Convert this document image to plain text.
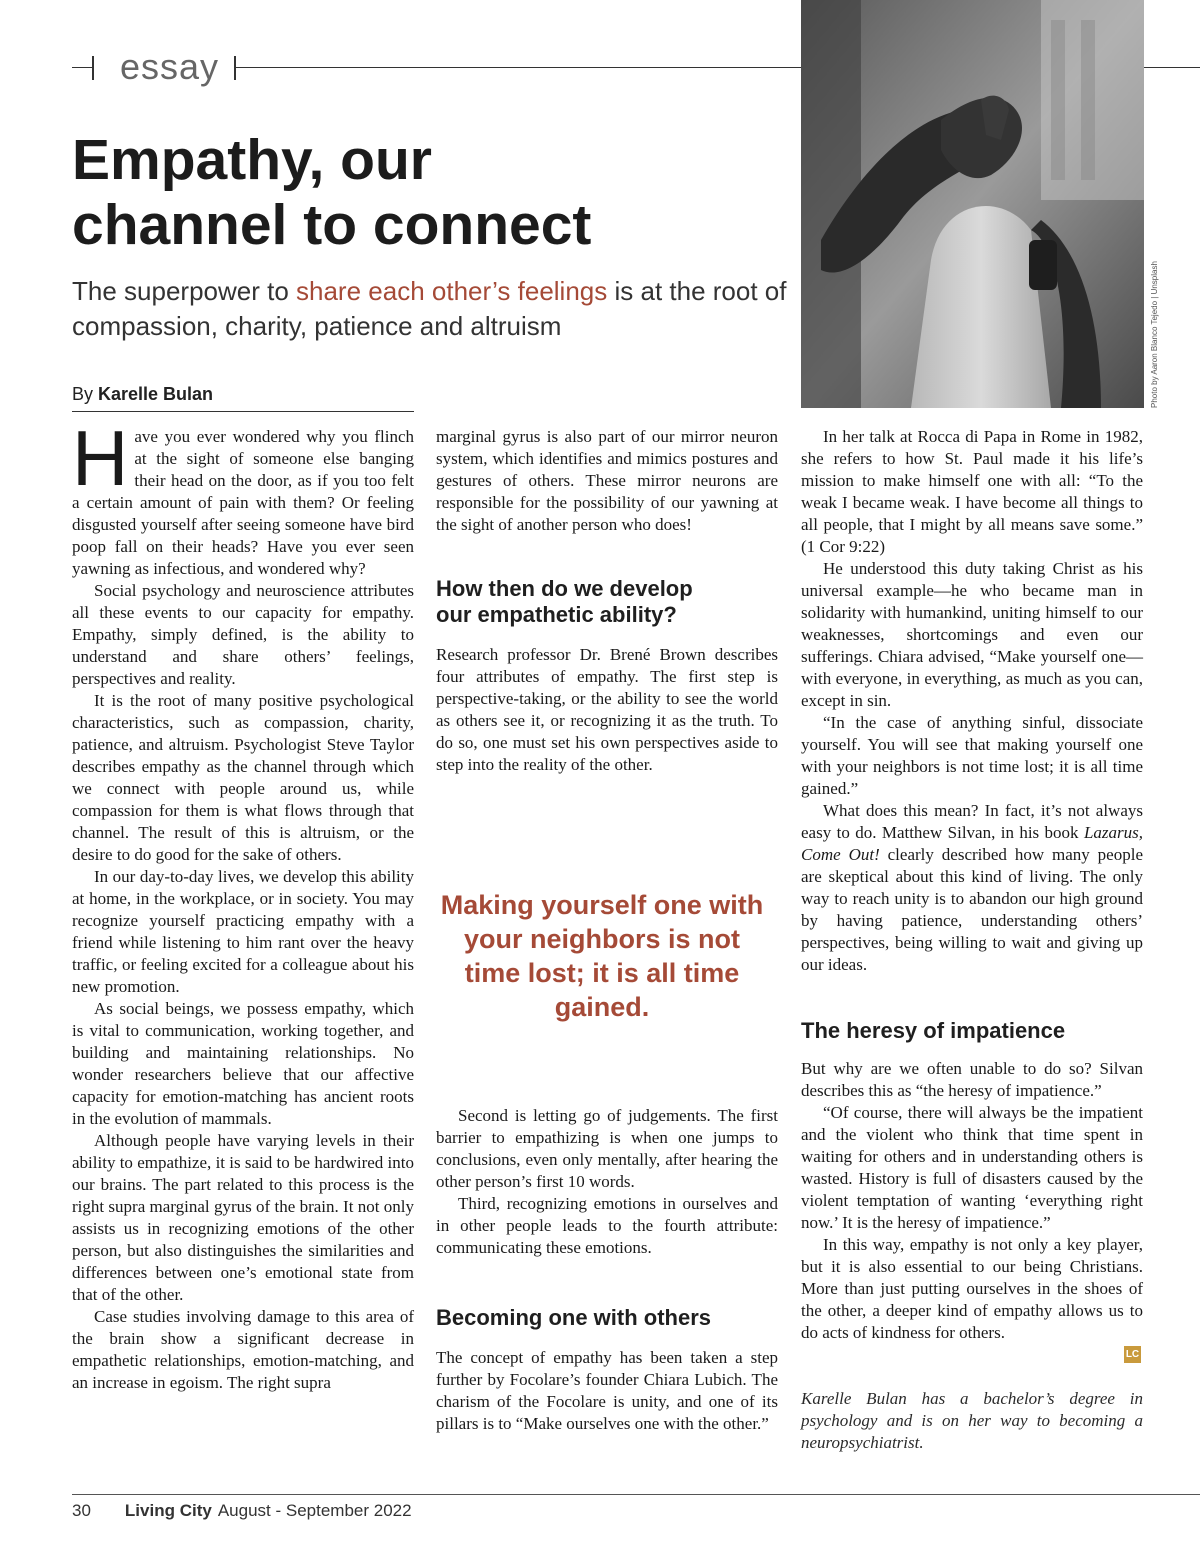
essay
Empathy, our
channel to connect

The superpower to share each other’s feelings is at the root of compassion, charity, patience and altruism	Photo by Aaron Blanco Tejedo | Unsplash
By Karelle Bulan

Have you ever wondered why you flinch at the sight of someone else banging their head on the door, as if you too felt a certain amount of pain with them? Or feeling disgusted yourself after seeing someone have bird poop fall on their heads? Have you ever seen yawning as infectious, and wondered why?

Social psychology and neuroscience attributes all these events to our capacity for empathy. Empathy, simply defined, is the ability to understand and share others’ feelings, perspectives and reality.

It is the root of many positive psychological characteristics, such as compassion, charity, patience, and altruism. Psychologist Steve Taylor describes empathy as the channel through which we connect with people around us, while compassion for them is what flows through that channel. The result of this is altruism, or the desire to do good for the sake of others.

In our day-to-day lives, we develop this ability at home, in the workplace, or in society. You may recognize yourself practicing empathy with a friend while listening to him rant over the heavy traffic, or feeling excited for a colleague about his new promotion.

As social beings, we possess empathy, which is vital to communication, working together, and building and maintaining relationships. No wonder researchers believe that our affective capacity for emotion-matching has ancient roots in the evolution of mammals.

Although people have varying levels in their ability to empathize, it is said to be hardwired into our brains. The part related to this process is the right supra marginal gyrus of the brain. It not only assists us in recognizing emotions of the other person, but also distinguishes the similarities and differences between one’s emotional state from that of the other.

Case studies involving damage to this area of the brain show a significant decrease in empathetic relationships, emotion-matching, and an increase in egoism. The right supra

marginal gyrus is also part of our mirror neuron system, which identifies and mimics postures and gestures of others. These mirror neurons are responsible for the possibility of our yawning at the sight of another person who does!

How then do we develop our empathetic ability?

Research professor Dr. Brené Brown describes four attributes of empathy. The first step is perspective-taking, or the ability to see the world as others see it, or recognizing it as the truth. To do so, one must set his own perspectives aside to step into the reality of the other.

Making yourself one with your neighbors is not time lost; it is all time gained.

Second is letting go of judgements. The first barrier to empathizing is when one jumps to conclusions, even only mentally, after hearing the other person’s first 10 words.

Third, recognizing emotions in ourselves and in other people leads to the fourth attribute: communicating these emotions.

Becoming one with others

The concept of empathy has been taken a step further by Focolare’s founder Chiara Lubich. The charism of the Focolare is unity, and one of its pillars is to “Make ourselves one with the other.”

In her talk at Rocca di Papa in Rome in 1982, she refers to how St. Paul made it his life’s mission to make himself one with all: “To the weak I became weak. I have become all things to all people, that I might by all means save some.” (1 Cor 9:22)

He understood this duty taking Christ as his universal example—he who became man in solidarity with humankind, uniting himself to our weaknesses, shortcomings and even our sufferings. Chiara advised, “Make yourself one—with everyone, in everything, as much as you can, except in sin.

“In the case of anything sinful, dissociate yourself. You will see that making yourself one with your neighbors is not time lost; it is all time gained.”

What does this mean? In fact, it’s not always easy to do. Matthew Silvan, in his book Lazarus, Come Out! clearly described how many people are skeptical about this kind of living. The only way to reach unity is to abandon our high ground by having patience, understanding others’ perspectives, being willing to wait and giving up our ideas.

The heresy of impatience

But why are we often unable to do so? Silvan describes this as “the heresy of impatience.”

“Of course, there will always be the impatient and the violent who think that time spent in waiting for others and in understanding others is wasted. History is full of disasters caused by the violent temptation of wanting ‘everything right now.’ It is the heresy of impatience.”

In this way, empathy is not only a key player, but it is also essential to our being Christians. More than just putting ourselves in the shoes of the other, a deeper kind of empathy allows us to do acts of kindness for others.

LC
Karelle Bulan has a bachelor’s degree in psychology and is on her way to becoming a neuropsychiatrist.
30 Living City August - September 2022
